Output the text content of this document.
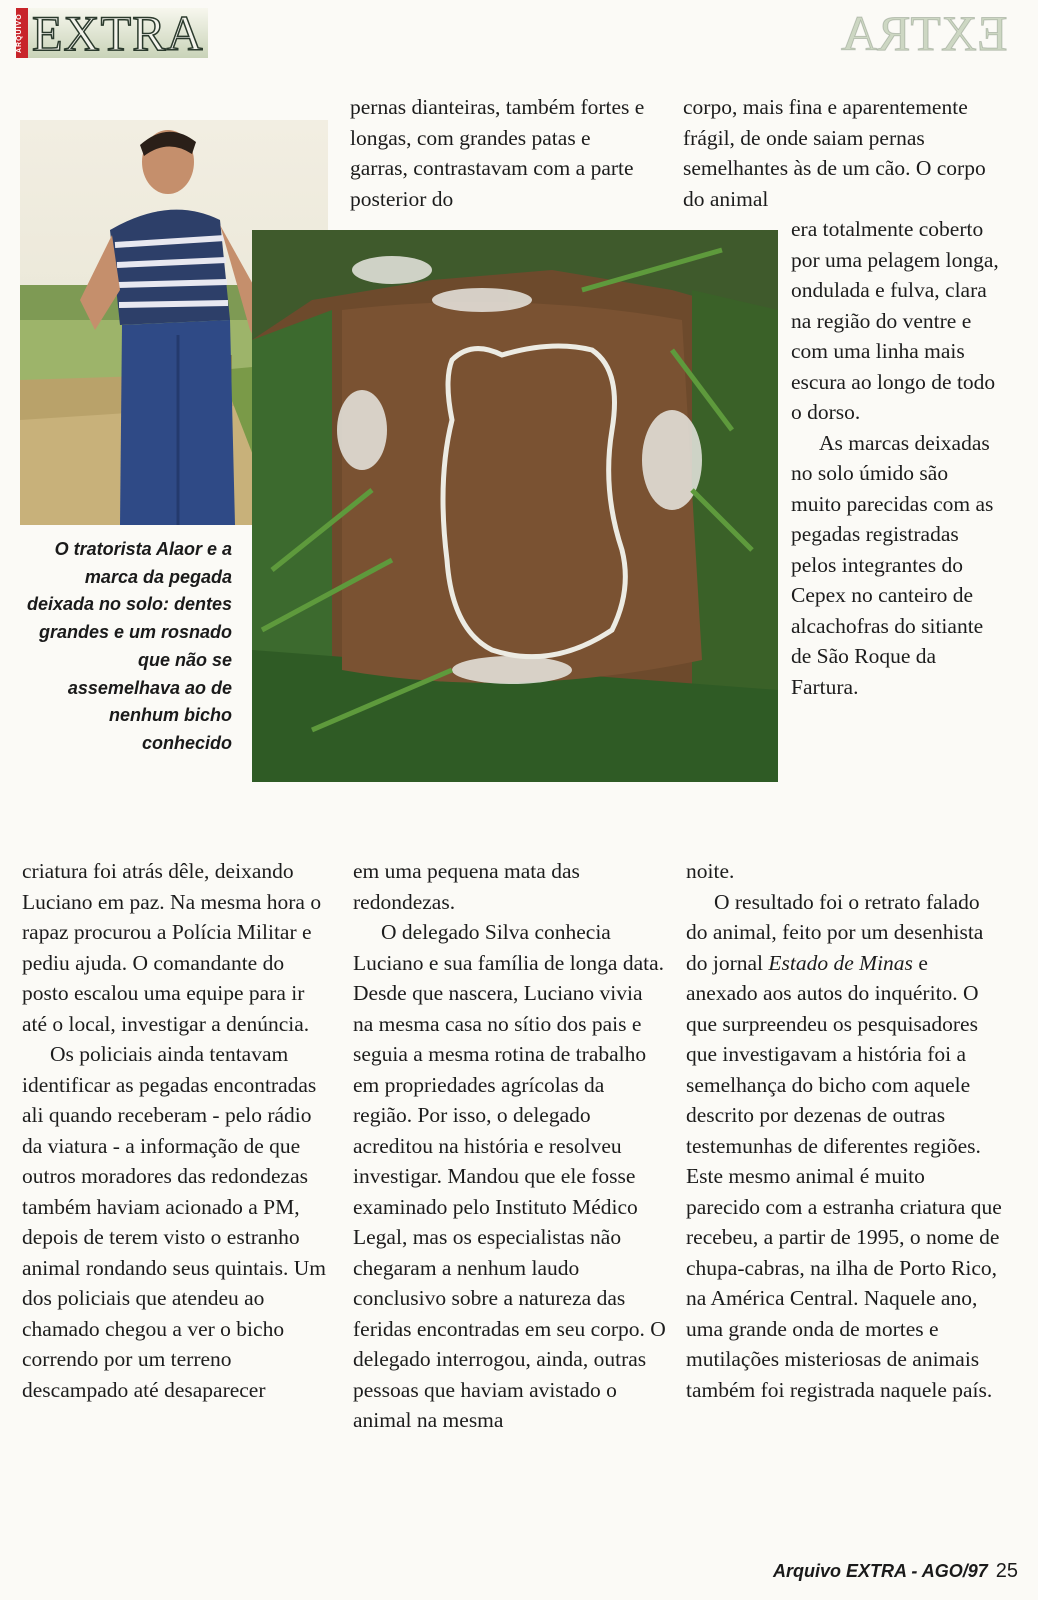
ARQUIVO EXTRA	EXTRA
O tratorista Alaor e a marca da pegada deixada no solo: dentes grandes e um rosnado que não se assemelhava ao de nenhum bicho conhecido

pernas dianteiras, também fortes e longas, com grandes patas e garras, contrastavam com a parte posterior do

corpo, mais fina e aparentemente frágil, de onde saiam pernas semelhantes às de um cão. O corpo do animal

era totalmente coberto por uma pelagem longa, ondulada e fulva, clara na região do ventre e com uma linha mais escura ao longo de todo o dorso.

As marcas deixadas no solo úmido são muito parecidas com as pegadas registradas pelos integrantes do Cepex no canteiro de alcachofras do sitiante de São Roque da Fartura.

criatura foi atrás dêle, deixando Luciano em paz. Na mesma hora o rapaz procurou a Polícia Militar e pediu ajuda. O comandante do posto escalou uma equipe para ir até o local, investigar a denúncia.

Os policiais ainda tentavam identificar as pegadas encontradas ali quando receberam - pelo rádio da viatura - a informação de que outros moradores das redondezas também haviam acionado a PM, depois de terem visto o estranho animal rondando seus quintais. Um dos policiais que atendeu ao chamado chegou a ver o bicho correndo por um terreno descampado até desaparecer

em uma pequena mata das redondezas.

O delegado Silva conhecia Luciano e sua família de longa data. Desde que nascera, Luciano vivia na mesma casa no sítio dos pais e seguia a mesma rotina de trabalho em propriedades agrícolas da região. Por isso, o delegado acreditou na história e resolveu investigar. Mandou que ele fosse examinado pelo Instituto Médico Legal, mas os especialistas não chegaram a nenhum laudo conclusivo sobre a natureza das feridas encontradas em seu corpo. O delegado interrogou, ainda, outras pessoas que haviam avistado o animal na mesma

noite.

O resultado foi o retrato falado do animal, feito por um desenhista do jornal Estado de Minas e anexado aos autos do inquérito. O que surpreendeu os pesquisadores que investigavam a história foi a semelhança do bicho com aquele descrito por dezenas de outras testemunhas de diferentes regiões. Este mesmo animal é muito parecido com a estranha criatura que recebeu, a partir de 1995, o nome de chupa-cabras, na ilha de Porto Rico, na América Central. Naquele ano, uma grande onda de mortes e mutilações misteriosas de animais também foi registrada naquele país.

Arquivo EXTRA - AGO/97 25
